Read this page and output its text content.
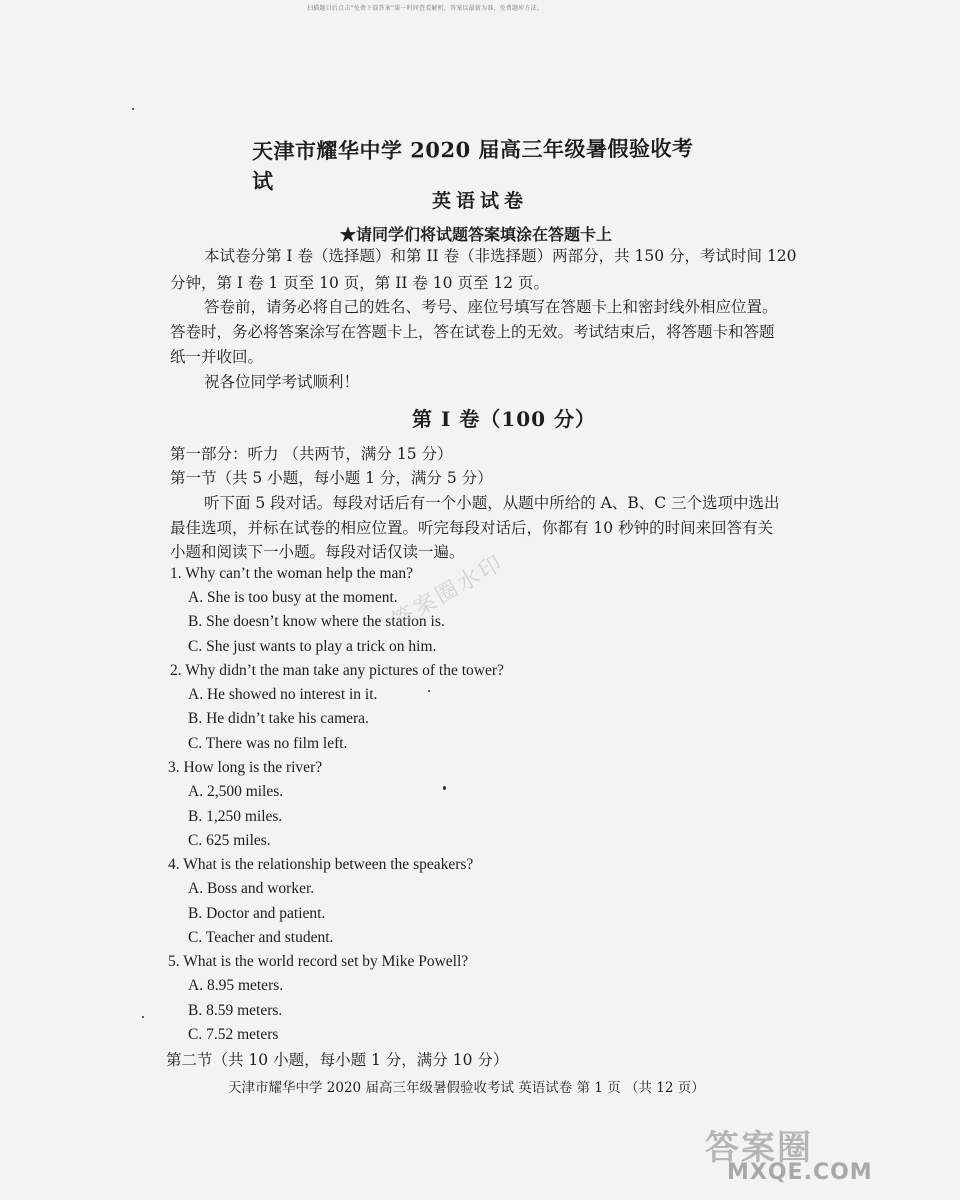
扫描题目后点击“免费下载答案”第一时间查看解析，答案以最新为准，免费题库方法。
天津市耀华中学 2020 届高三年级暑假验收考试
英语试卷
★请同学们将试题答案填涂在答题卡上
本试卷分第 I 卷（选择题）和第 II 卷（非选择题）两部分，共 150 分，考试时间 120
分钟，第 I 卷 1 页至 10 页，第 II 卷 10 页至 12 页。
答卷前，请务必将自己的姓名、考号、座位号填写在答题卡上和密封线外相应位置。
答卷时，务必将答案涂写在答题卡上，答在试卷上的无效。考试结束后，将答题卡和答题
纸一并收回。
祝各位同学考试顺利！
第 I 卷（100 分）
第一部分：听力 （共两节，满分 15 分）
第一节（共 5 小题，每小题 1 分，满分 5 分）
听下面 5 段对话。每段对话后有一个小题，从题中所给的 A、B、C 三个选项中选出
最佳选项，并标在试卷的相应位置。听完每段对话后，你都有 10 秒钟的时间来回答有关
小题和阅读下一小题。每段对话仅读一遍。
1. Why can’t the woman help the man?
A. She is too busy at the moment.
B. She doesn’t know where the station is.
C. She just wants to play a trick on him.
2. Why didn’t the man take any pictures of the tower?
A. He showed no interest in it.
B. He didn’t take his camera.
C. There was no film left.
3. How long is the river?
A. 2,500 miles.
B. 1,250 miles.
C. 625 miles.
4. What is the relationship between the speakers?
A. Boss and worker.
B. Doctor and patient.
C. Teacher and student.
5. What is the world record set by Mike Powell?
A. 8.95 meters.
B. 8.59 meters.
C. 7.52 meters
第二节（共 10 小题，每小题 1 分，满分 10 分）
天津市耀华中学 2020 届高三年级暑假验收考试 英语试卷 第 1 页 （共 12 页）
答案圈水印
答案圈
MXQE.COM
